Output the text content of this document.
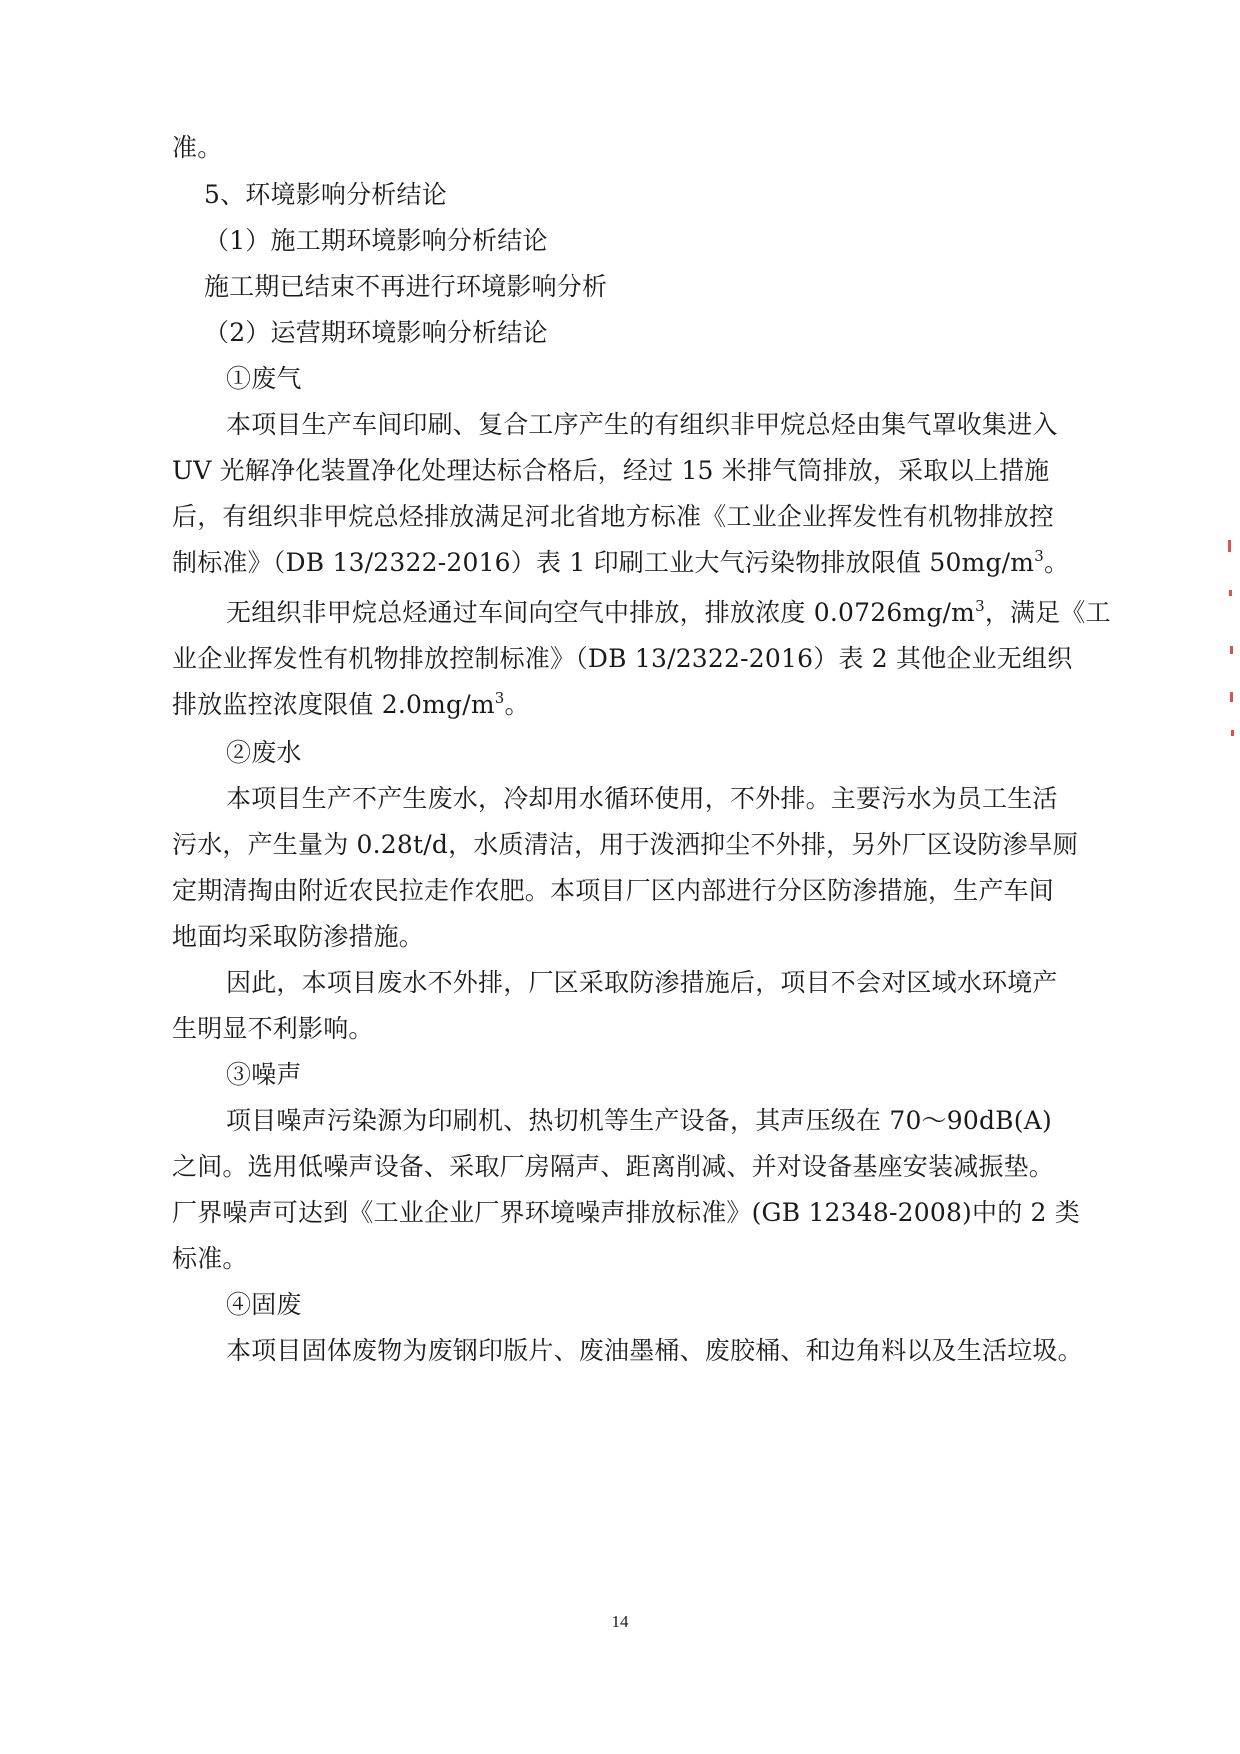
准。
5、环境影响分析结论
（1）施工期环境影响分析结论
施工期已结束不再进行环境影响分析
（2）运营期环境影响分析结论
①废气
本项目生产车间印刷、复合工序产生的有组织非甲烷总烃由集气罩收集进入
UV 光解净化装置净化处理达标合格后，经过 15 米排气筒排放，采取以上措施
后，有组织非甲烷总烃排放满足河北省地方标准《工业企业挥发性有机物排放控
制标准》（DB 13/2322-2016）表 1 印刷工业大气污染物排放限值 $50mg/m^3$。
无组织非甲烷总烃通过车间向空气中排放，排放浓度 $0.0726mg/m^3$，满足《工
业企业挥发性有机物排放控制标准》（DB 13/2322-2016）表 2 其他企业无组织
排放监控浓度限值 $2.0mg/m^3$。
②废水
本项目生产不产生废水，冷却用水循环使用，不外排。主要污水为员工生活
污水，产生量为 0.28t/d，水质清洁，用于泼洒抑尘不外排，另外厂区设防渗旱厕
定期清掏由附近农民拉走作农肥。本项目厂区内部进行分区防渗措施，生产车间
地面均采取防渗措施。
因此，本项目废水不外排，厂区采取防渗措施后，项目不会对区域水环境产
生明显不利影响。
③噪声
项目噪声污染源为印刷机、热切机等生产设备，其声压级在 70～90dB(A)
之间。选用低噪声设备、采取厂房隔声、距离削减、并对设备基座安装减振垫。
厂界噪声可达到《工业企业厂界环境噪声排放标准》(GB 12348-2008)中的 2 类
标准。
④固废
本项目固体废物为废钢印版片、废油墨桶、废胶桶、和边角料以及生活垃圾。
14
